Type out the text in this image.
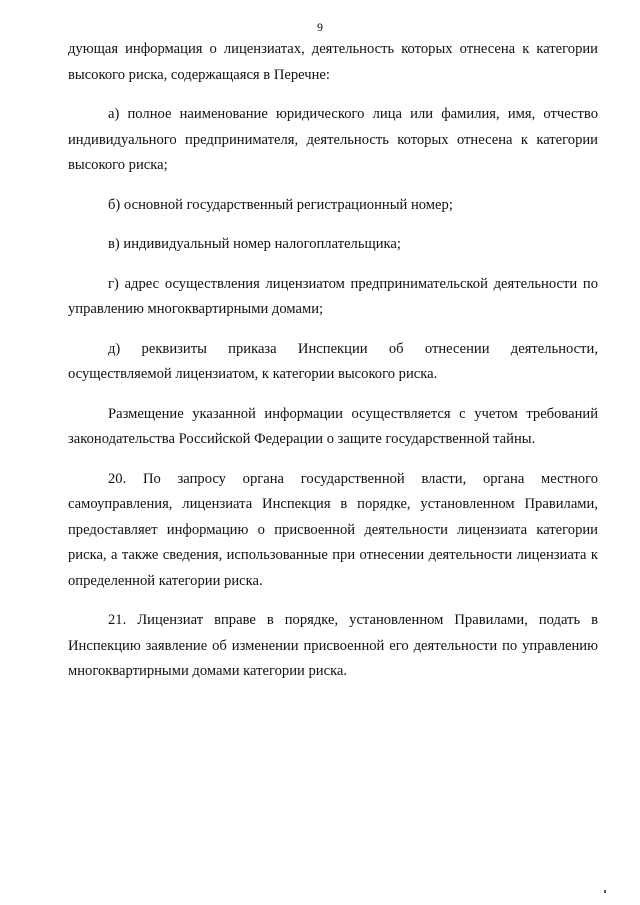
9

дующая информация о лицензиатах, деятельность которых отнесена к категории высокого риска, содержащаяся в Перечне:

а) полное наименование юридического лица или фамилия, имя, отчество индивидуального предпринимателя, деятельность которых отнесена к категории высокого риска;

б) основной государственный регистрационный номер;

в) индивидуальный номер налогоплательщика;

г) адрес осуществления лицензиатом предпринимательской деятельности по управлению многоквартирными домами;

д) реквизиты приказа Инспекции об отнесении деятельности, осуществляемой лицензиатом, к категории высокого риска.

Размещение указанной информации осуществляется с учетом требований законодательства Российской Федерации о защите государственной тайны.

20. По запросу органа государственной власти, органа местного самоуправления, лицензиата Инспекция в порядке, установленном Правилами, предоставляет информацию о присвоенной деятельности лицензиата категории риска, а также сведения, использованные при отнесении деятельности лицензиата к определенной категории риска.

21. Лицензиат вправе в порядке, установленном Правилами, подать в Инспекцию заявление об изменении присвоенной его деятельности по управлению многоквартирными домами категории риска.
